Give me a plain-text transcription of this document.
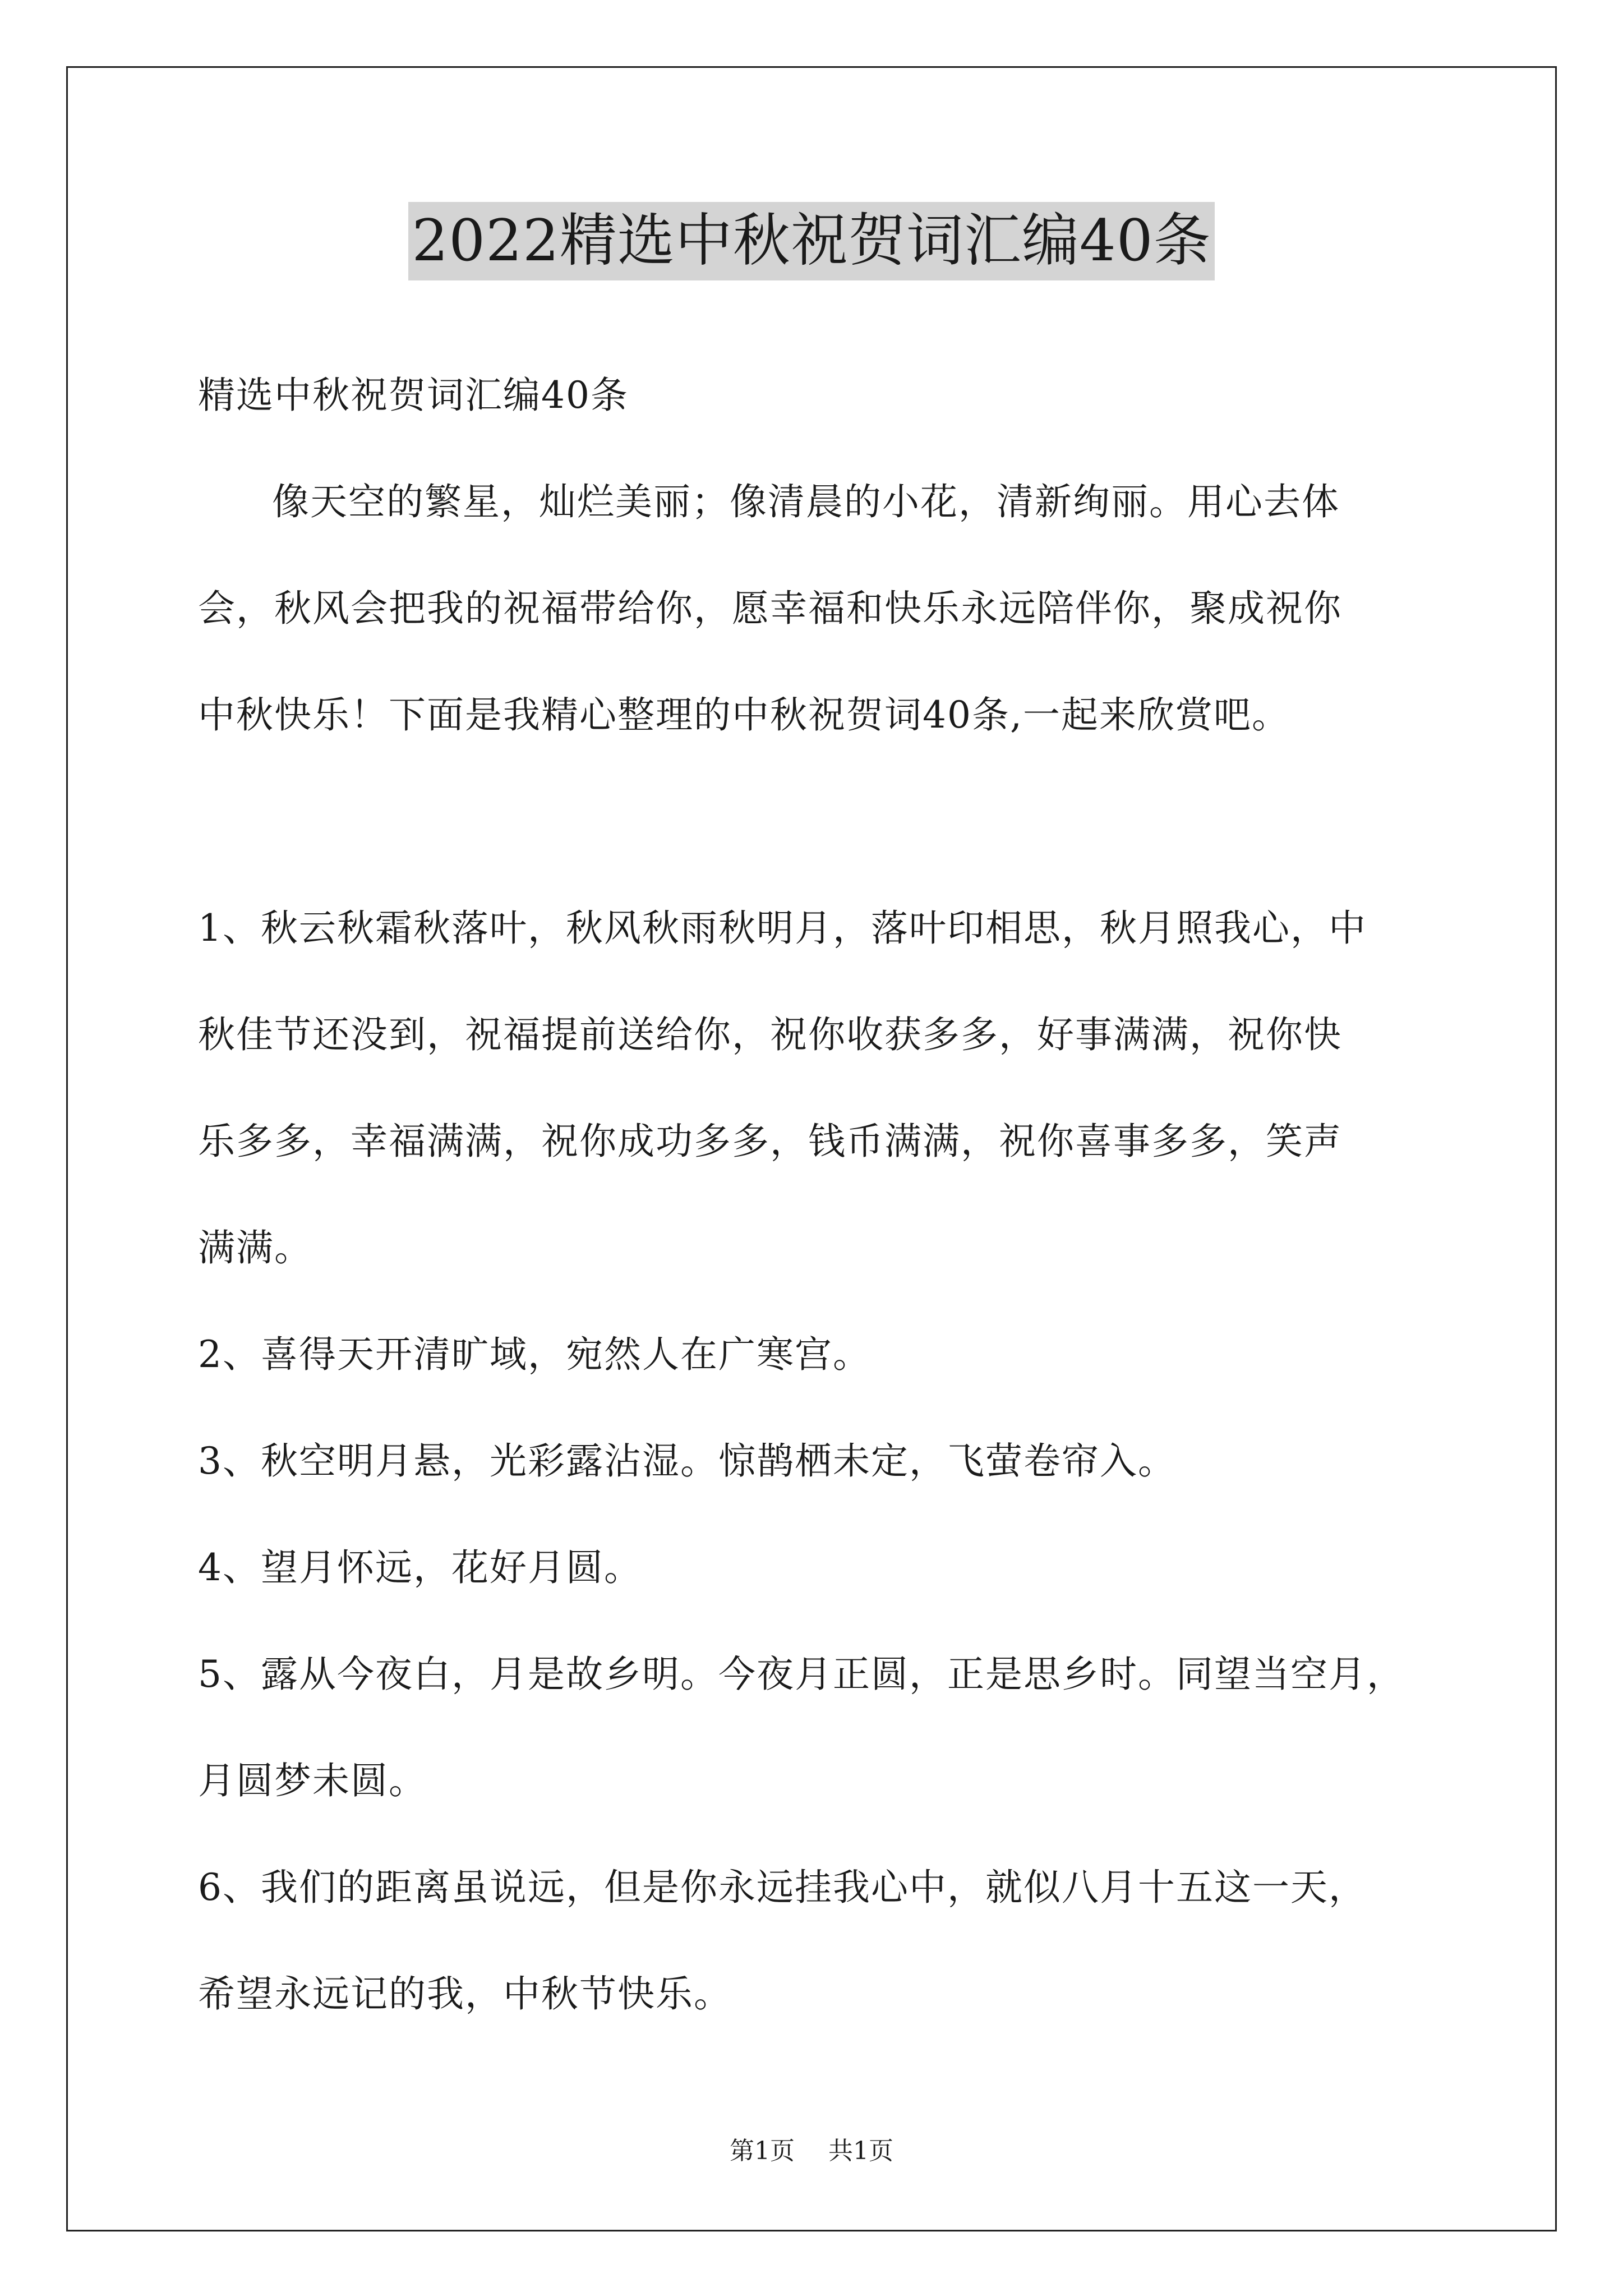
2022精选中秋祝贺词汇编40条
精选中秋祝贺词汇编40条
像天空的繁星，灿烂美丽；像清晨的小花，清新绚丽。用心去体
会，秋风会把我的祝福带给你，愿幸福和快乐永远陪伴你，聚成祝你
中秋快乐！下面是我精心整理的中秋祝贺词40条,一起来欣赏吧。
1、秋云秋霜秋落叶，秋风秋雨秋明月，落叶印相思，秋月照我心，中
秋佳节还没到，祝福提前送给你，祝你收获多多，好事满满，祝你快
乐多多，幸福满满，祝你成功多多，钱币满满，祝你喜事多多，笑声
满满。
2、喜得天开清旷域，宛然人在广寒宫。
3、秋空明月悬，光彩露沾湿。惊鹊栖未定，飞萤卷帘入。
4、望月怀远，花好月圆。
5、露从今夜白，月是故乡明。今夜月正圆，正是思乡时。同望当空月，
月圆梦未圆。
6、我们的距离虽说远，但是你永远挂我心中，就似八月十五这一天，
希望永远记的我，中秋节快乐。
第1页 共1页
